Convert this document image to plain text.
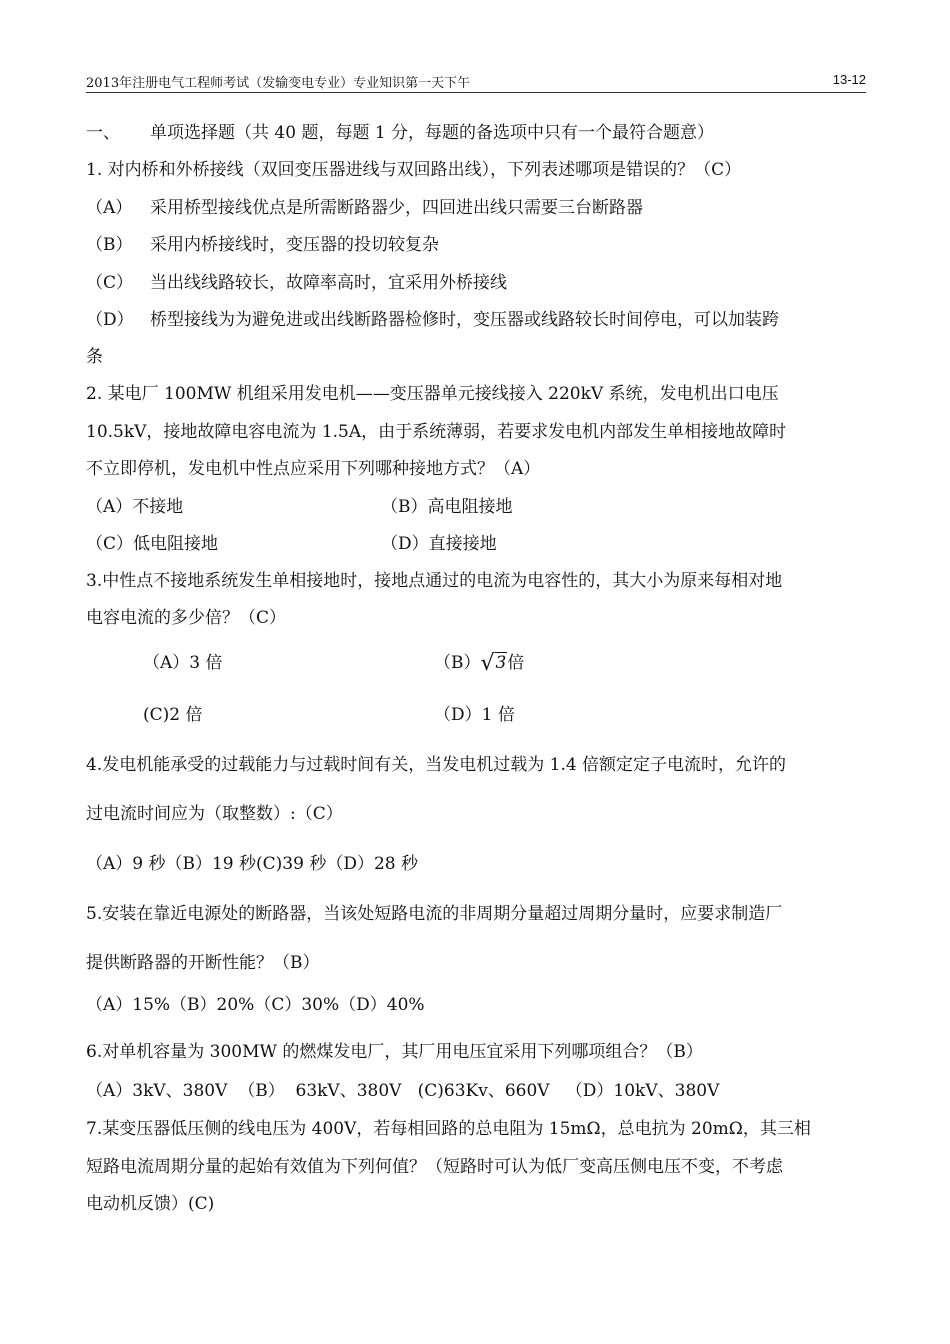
2013年注册电气工程师考试（发输变电专业）专业知识第一天下午	13-12
一、 单项选择题（共 40 题，每题 1 分，每题的备选项中只有一个最符合题意）
1. 对内桥和外桥接线（双回变压器进线与双回路出线），下列表述哪项是错误的？（C）
（A） 采用桥型接线优点是所需断路器少，四回进出线只需要三台断路器
（B） 采用内桥接线时，变压器的投切较复杂
（C） 当出线线路较长，故障率高时，宜采用外桥接线
（D） 桥型接线为为避免进或出线断路器检修时，变压器或线路较长时间停电，可以加装跨
条
2. 某电厂 100MW 机组采用发电机——变压器单元接线接入 220kV 系统，发电机出口电压
10.5kV，接地故障电容电流为 1.5A，由于系统薄弱，若要求发电机内部发生单相接地故障时
不立即停机，发电机中性点应采用下列哪种接地方式？（A）
（A）不接地	（B）高电阻接地
（C）低电阻接地	（D）直接接地
3.中性点不接地系统发生单相接地时，接地点通过的电流为电容性的，其大小为原来每相对地
电容电流的多少倍？（C）
（A）3 倍	（B）√3倍
(C)2 倍	（D）1 倍
4.发电机能承受的过载能力与过载时间有关，当发电机过载为 1.4 倍额定定子电流时，允许的
过电流时间应为（取整数）:（C）
（A）9 秒（B）19 秒(C)39 秒（D）28 秒
5.安装在靠近电源处的断路器，当该处短路电流的非周期分量超过周期分量时，应要求制造厂
提供断路器的开断性能？（B）
（A）15%（B）20%（C）30%（D）40%
6.对单机容量为 300MW 的燃煤发电厂，其厂用电压宜采用下列哪项组合？（B）
（A）3kV、380V  （B）  63kV、380V   (C)63Kv、660V   （D）10kV、380V
7.某变压器低压侧的线电压为 400V，若每相回路的总电阻为 15mΩ，总电抗为 20mΩ，其三相
短路电流周期分量的起始有效值为下列何值？（短路时可认为低厂变高压侧电压不变，不考虑
电动机反馈）(C)
